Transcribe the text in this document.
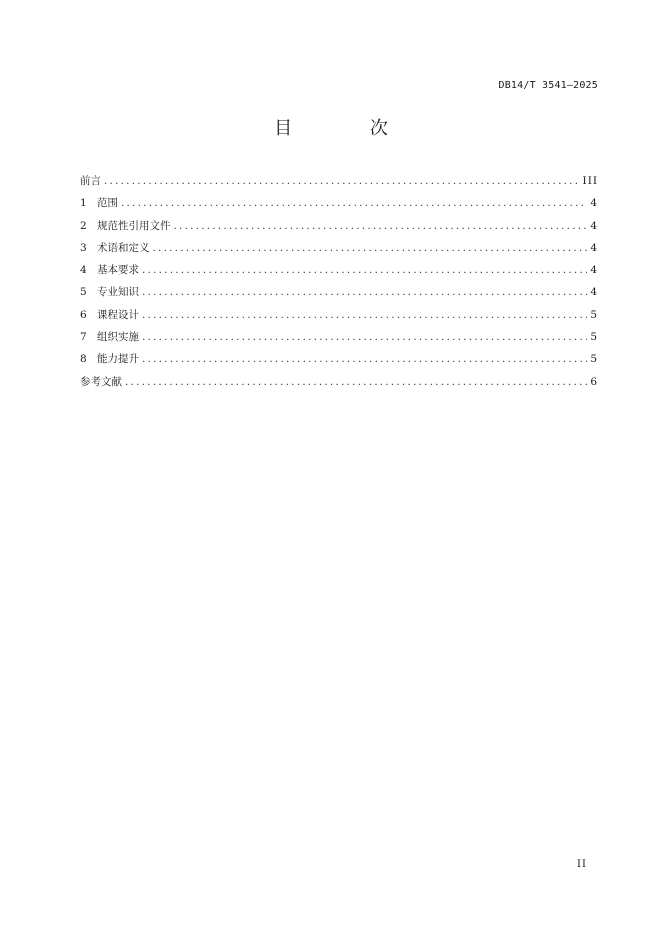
DB14/T 3541—2025
目 次
前言 .....	III
1 范围 .....	4
2 规范性引用文件 .....	4
3 术语和定义 .....	4
4 基本要求 .....	4
5 专业知识 .....	4
6 课程设计 .....	5
7 组织实施 .....	5
8 能力提升 .....	5
参考文献 .....	6
II
